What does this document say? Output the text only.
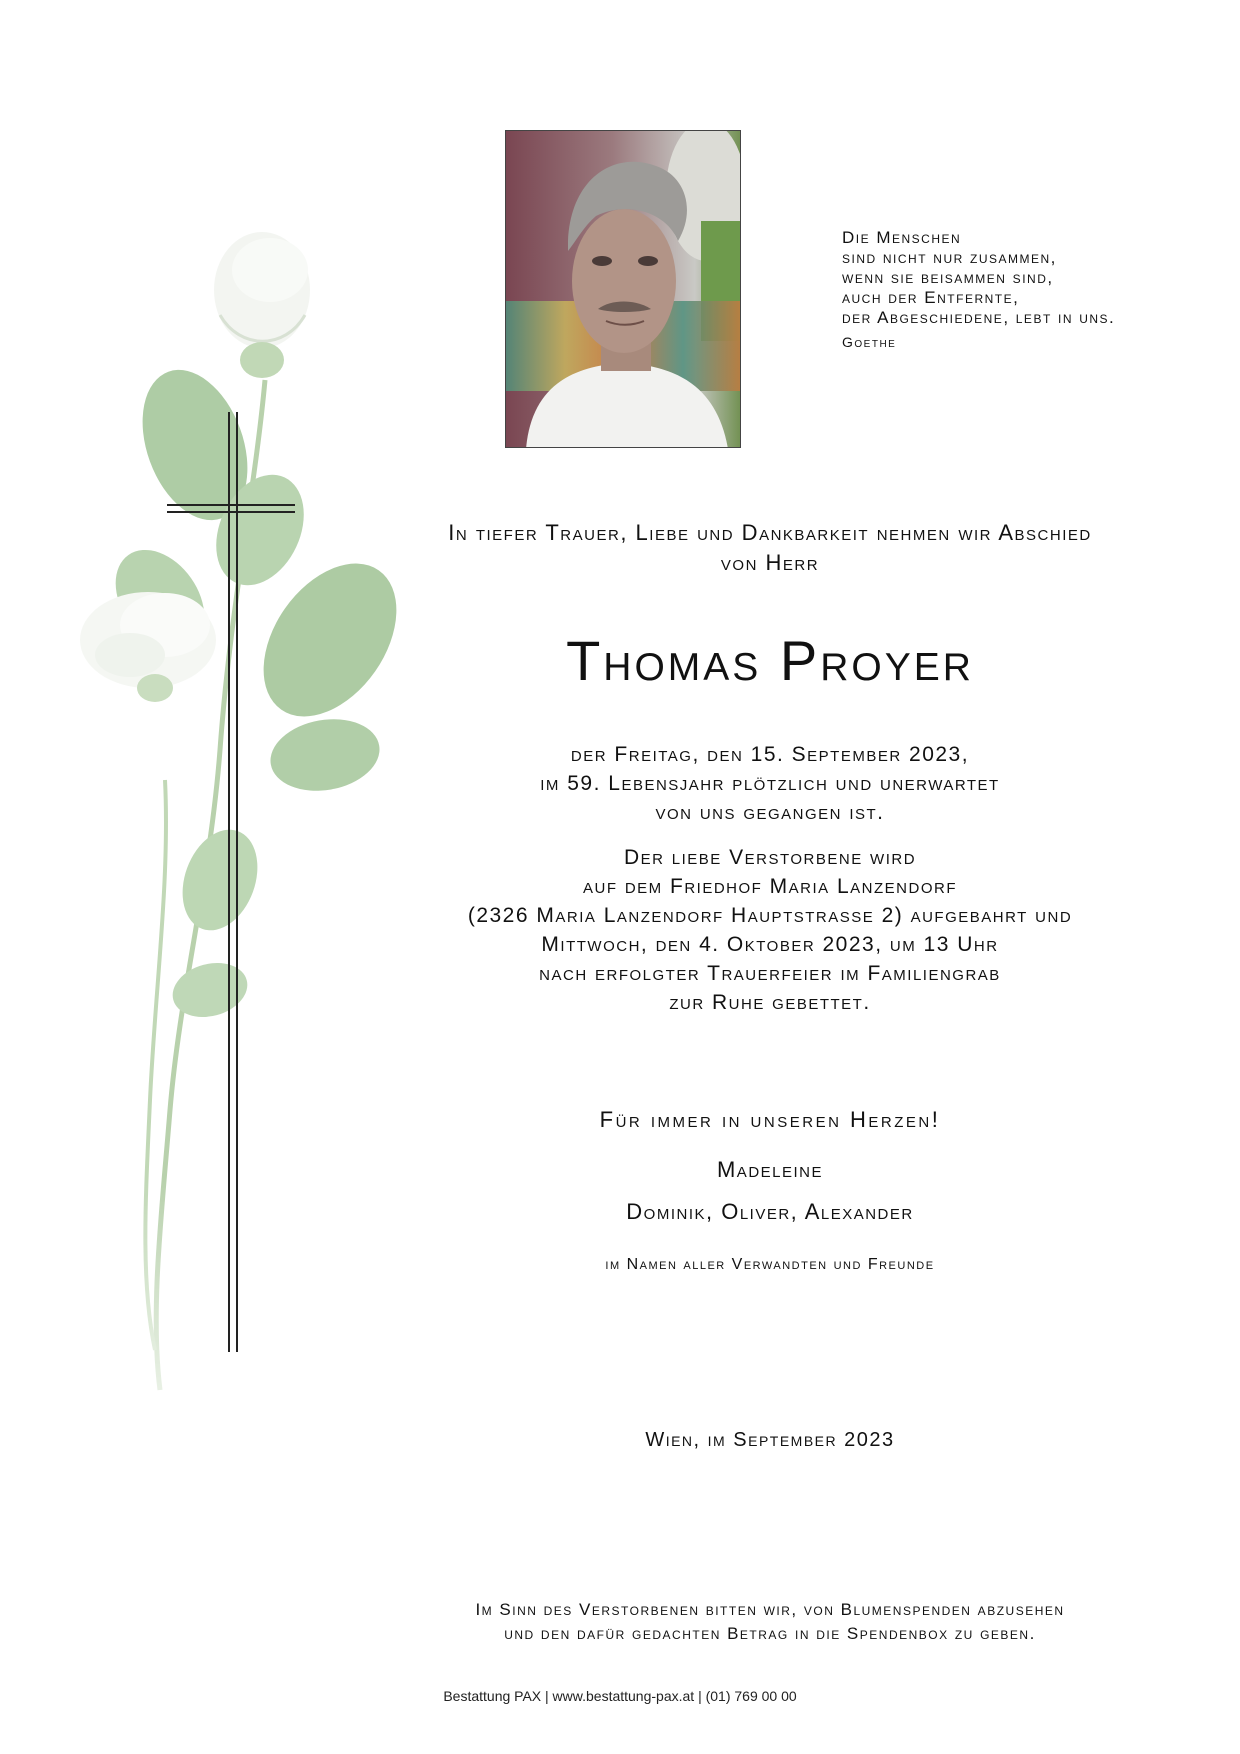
Die Menschen
sind nicht nur zusammen,
wenn sie beisammen sind,
auch der Entfernte,
der Abgeschiedene, lebt in uns.
Goethe
In tiefer Trauer, Liebe und Dankbarkeit nehmen wir Abschied
von Herr
Thomas Proyer
der Freitag, den 15. September 2023,
im 59. Lebensjahr plötzlich und unerwartet
von uns gegangen ist.
Der liebe Verstorbene wird
auf dem Friedhof Maria Lanzendorf
(2326 Maria Lanzendorf Hauptstrasse 2) aufgebahrt und
Mittwoch, den 4. Oktober 2023, um 13 Uhr
nach erfolgter Trauerfeier im Familiengrab
zur Ruhe gebettet.
Für immer in unseren Herzen!
Madeleine
Dominik, Oliver, Alexander
im Namen aller Verwandten und Freunde
Wien, im September 2023
Im Sinn des Verstorbenen bitten wir, von Blumenspenden abzusehen
und den dafür gedachten Betrag in die Spendenbox zu geben.
Bestattung PAX | www.bestattung-pax.at | (01) 769 00 00
